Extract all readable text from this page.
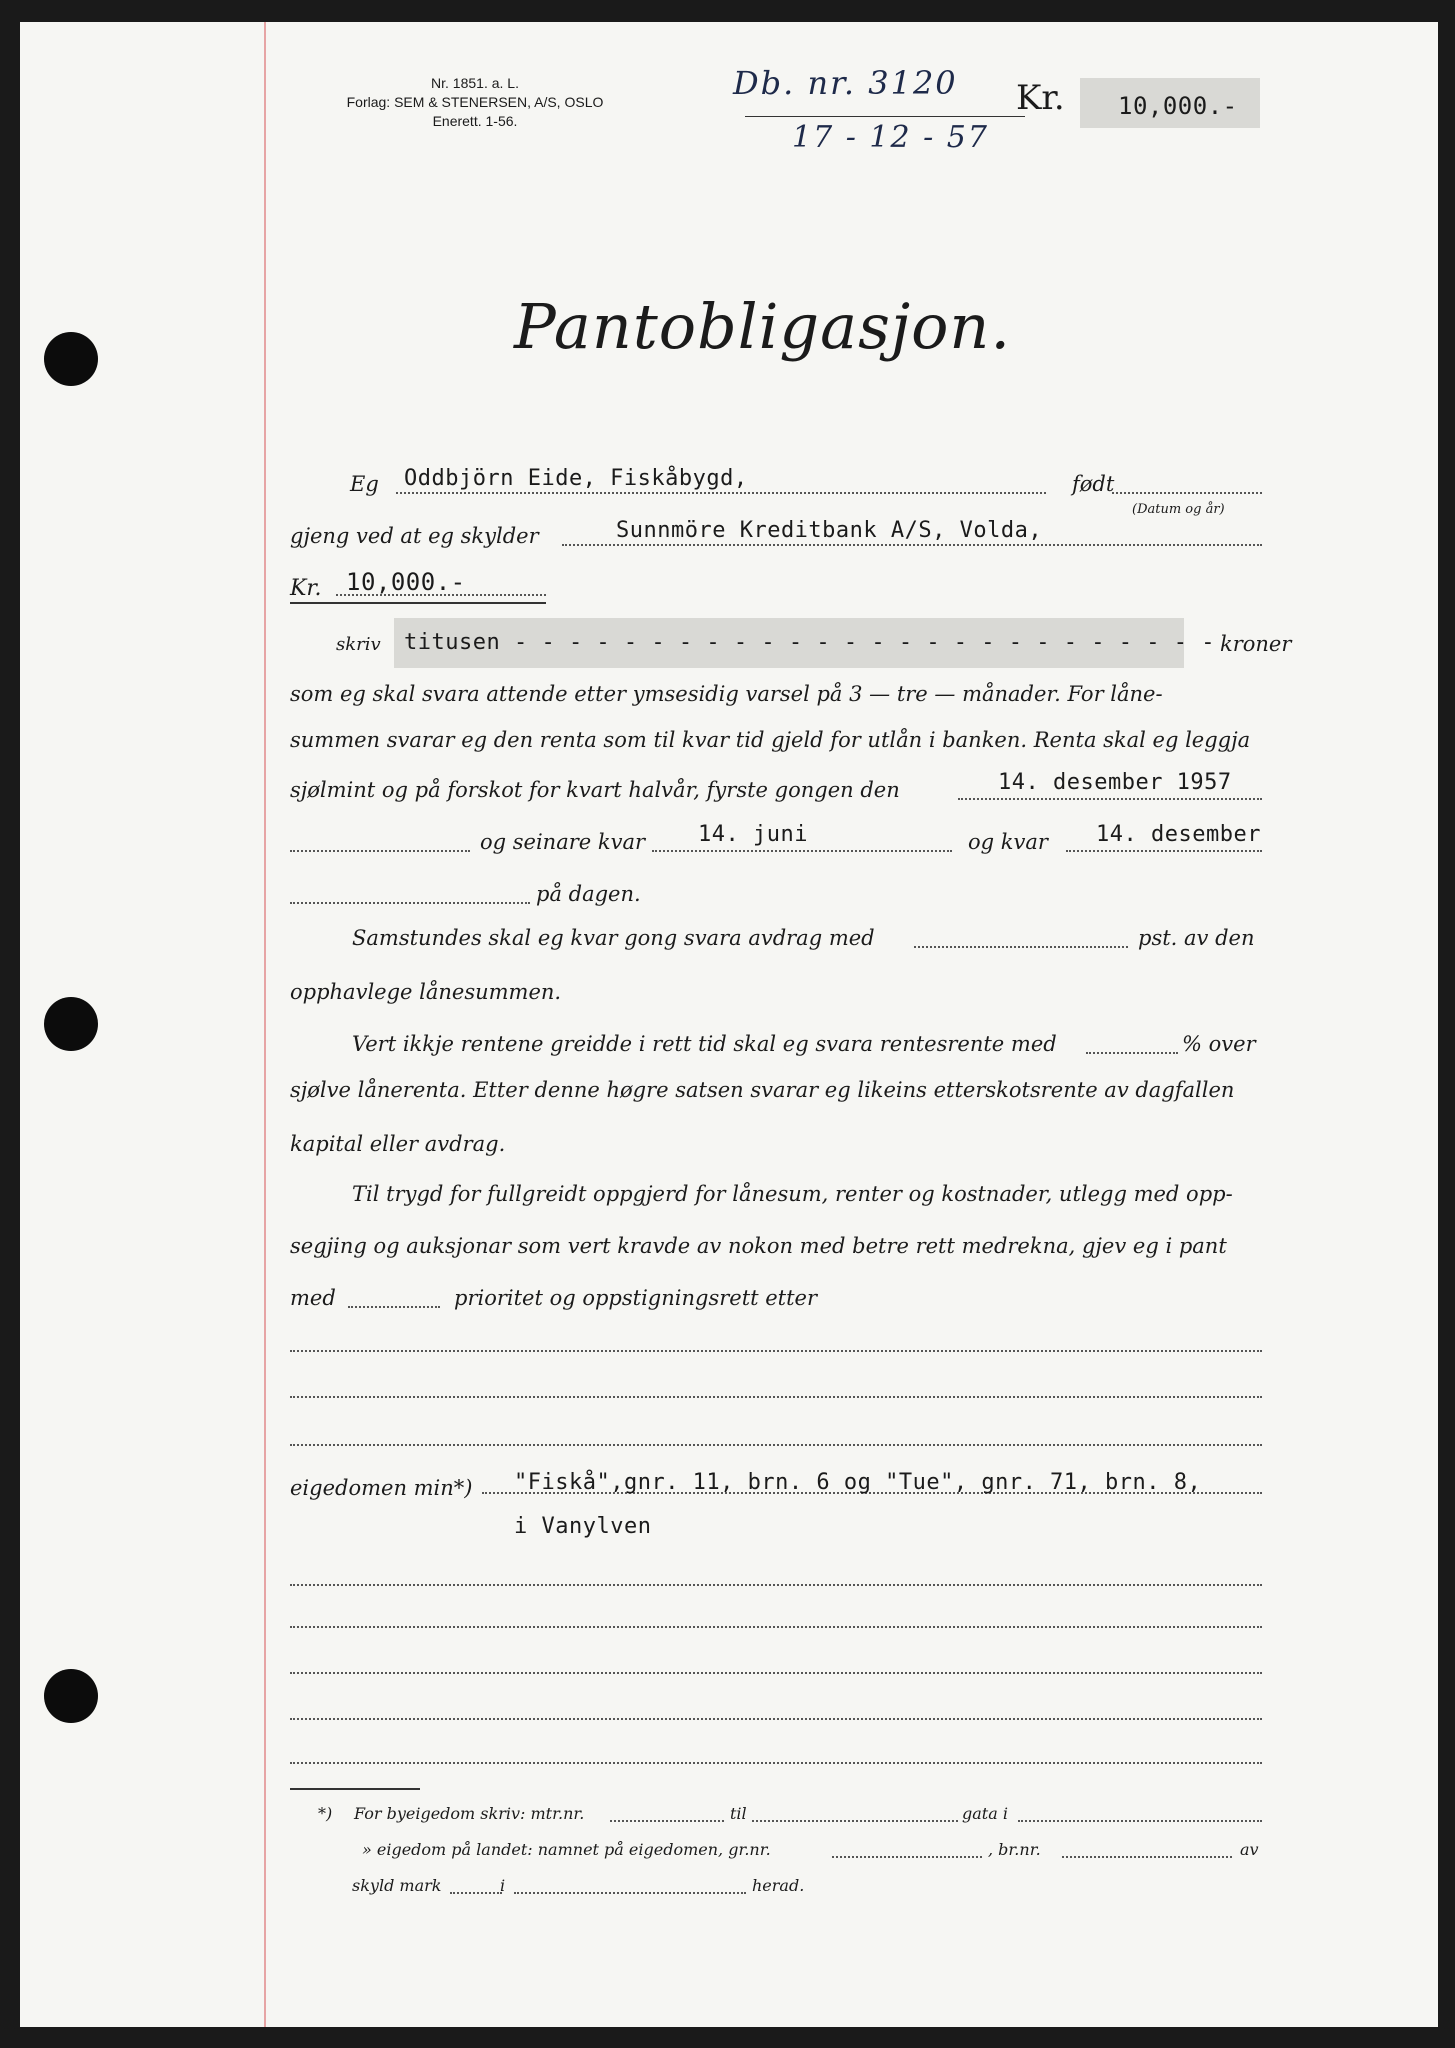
Nr. 1851. a. L.
Forlag: SEM & STENERSEN, A/S, OSLO
Enerett. 1-56.
Db. nr. 3120
17 - 12 - 57
Kr. 10,000.-
Pantobligasjon.
Eg Oddbjörn Eide, Fiskåbygd,	født
(Datum og år)
gjeng ved at eg skylder	Sunnmöre Kreditbank A/S, Volda,
Kr. 10,000.-
skriv titusen - - - - - - - - - - - - - - - - - - - - - - - - - - kroner
som eg skal svara attende etter ymsesidig varsel på 3 — tre — månader. For låne-
summen svarar eg den renta som til kvar tid gjeld for utlån i banken. Renta skal eg leggja
sjølmint og på forskot for kvart halvår, fyrste gongen den	14. desember 1957
og seinare kvar 14. juni	og kvar 14. desember
på dagen.
Samstundes skal eg kvar gong svara avdrag med	pst. av den
opphavlege lånesummen.
Vert ikkje rentene greidde i rett tid skal eg svara rentesrente med	% over
sjølve lånerenta. Etter denne høgre satsen svarar eg likeins etterskotsrente av dagfallen
kapital eller avdrag.
Til trygd for fullgreidt oppgjerd for lånesum, renter og kostnader, utlegg med opp-
segjing og auksjonar som vert kravde av nokon med betre rett medrekna, gjev eg i pant
med	prioritet og oppstigningsrett etter
eigedomen min*) "Fiskå",gnr. 11, brn. 6 og "Tue", gnr. 71, brn. 8,
i Vanylven
*) For byeigedom skriv: mtr.nr.	til	gata i
» eigedom på landet: namnet på eigedomen, gr.nr.	, br.nr.	av
skyld mark	i	herad.
